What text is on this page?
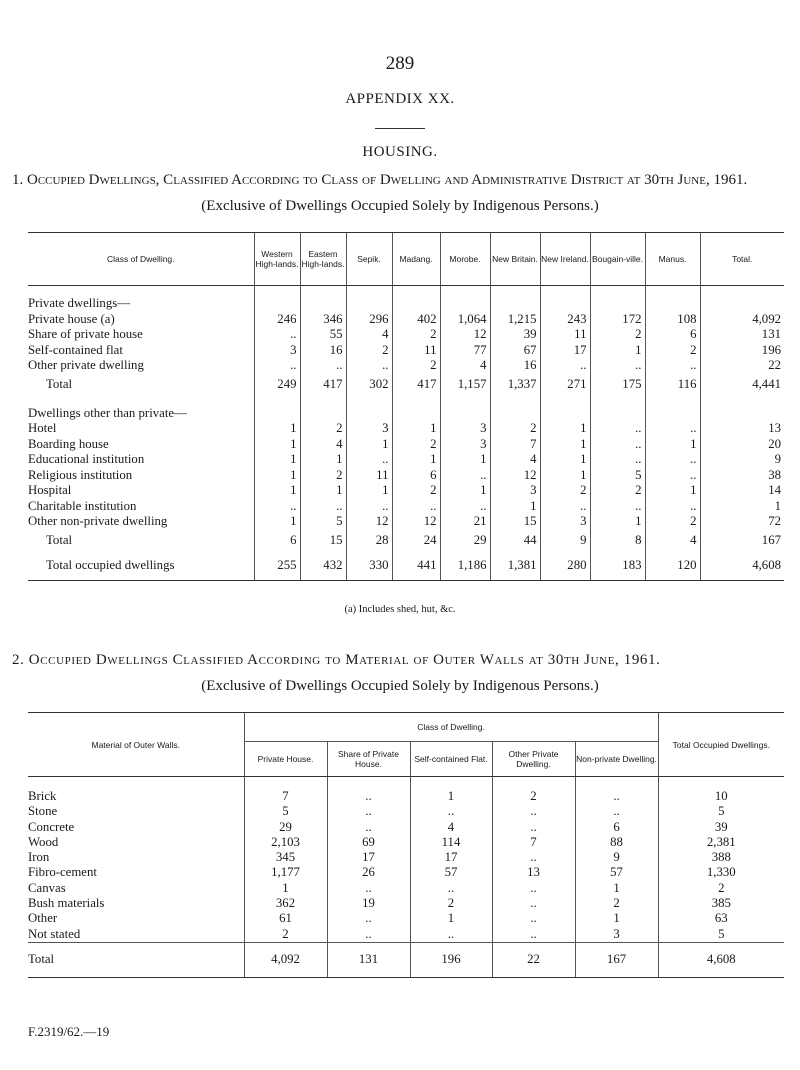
289
APPENDIX XX.
HOUSING.
1. Occupied Dwellings, Classified According to Class of Dwelling and Administrative District at 30th June, 1961.
(Exclusive of Dwellings Occupied Solely by Indigenous Persons.)
Class of Dwelling.	Western High-lands.	Eastern High-lands.	Sepik.	Madang.	Morobe.	New Britain.	New Ireland.	Bougain-ville.	Manus.	Total.

Private dwellings—										
Private house (a)	246	346	296	402	1,064	1,215	243	172	108	4,092
Share of private house	..	55	4	2	12	39	11	2	6	131
Self-contained flat	3	16	2	11	77	67	17	1	2	196
Other private dwelling	..	..	..	2	4	16	..	..	..	22
Total	249	417	302	417	1,157	1,337	271	175	116	4,441

Dwellings other than private—										
Hotel	1	2	3	1	3	2	1	..	..	13
Boarding house	1	4	1	2	3	7	1	..	1	20
Educational institution	1	1	..	1	1	4	1	..	..	9
Religious institution	1	2	11	6	..	12	1	5	..	38
Hospital	1	1	1	2	1	3	2	2	1	14
Charitable institution	..	..	..	..	..	1	..	..	..	1
Other non-private dwelling	1	5	12	12	21	15	3	1	2	72
Total	6	15	28	24	29	44	9	8	4	167
Total occupied dwellings	255	432	330	441	1,186	1,381	280	183	120	4,608
(a) Includes shed, hut, &c.
2. Occupied Dwellings Classified According to Material of Outer Walls at 30th June, 1961.
(Exclusive of Dwellings Occupied Solely by Indigenous Persons.)
Material of Outer Walls.	Class of Dwelling.					Total Occupied Dwellings.
	Private House.	Share of Private House.	Self-contained Flat.	Other Private Dwelling.	Non-private Dwelling.	

Brick	7	..	1	2	..	10
Stone	5	..	..	..	..	5
Concrete	29	..	4	..	6	39
Wood	2,103	69	114	7	88	2,381
Iron	345	17	17	..	9	388
Fibro-cement	1,177	26	57	13	57	1,330
Canvas	1	..	..	..	1	2
Bush materials	362	19	2	..	2	385
Other	61	..	1	..	1	63
Not stated	2	..	..	..	3	5
Total	4,092	131	196	22	167	4,608
F.2319/62.—19
